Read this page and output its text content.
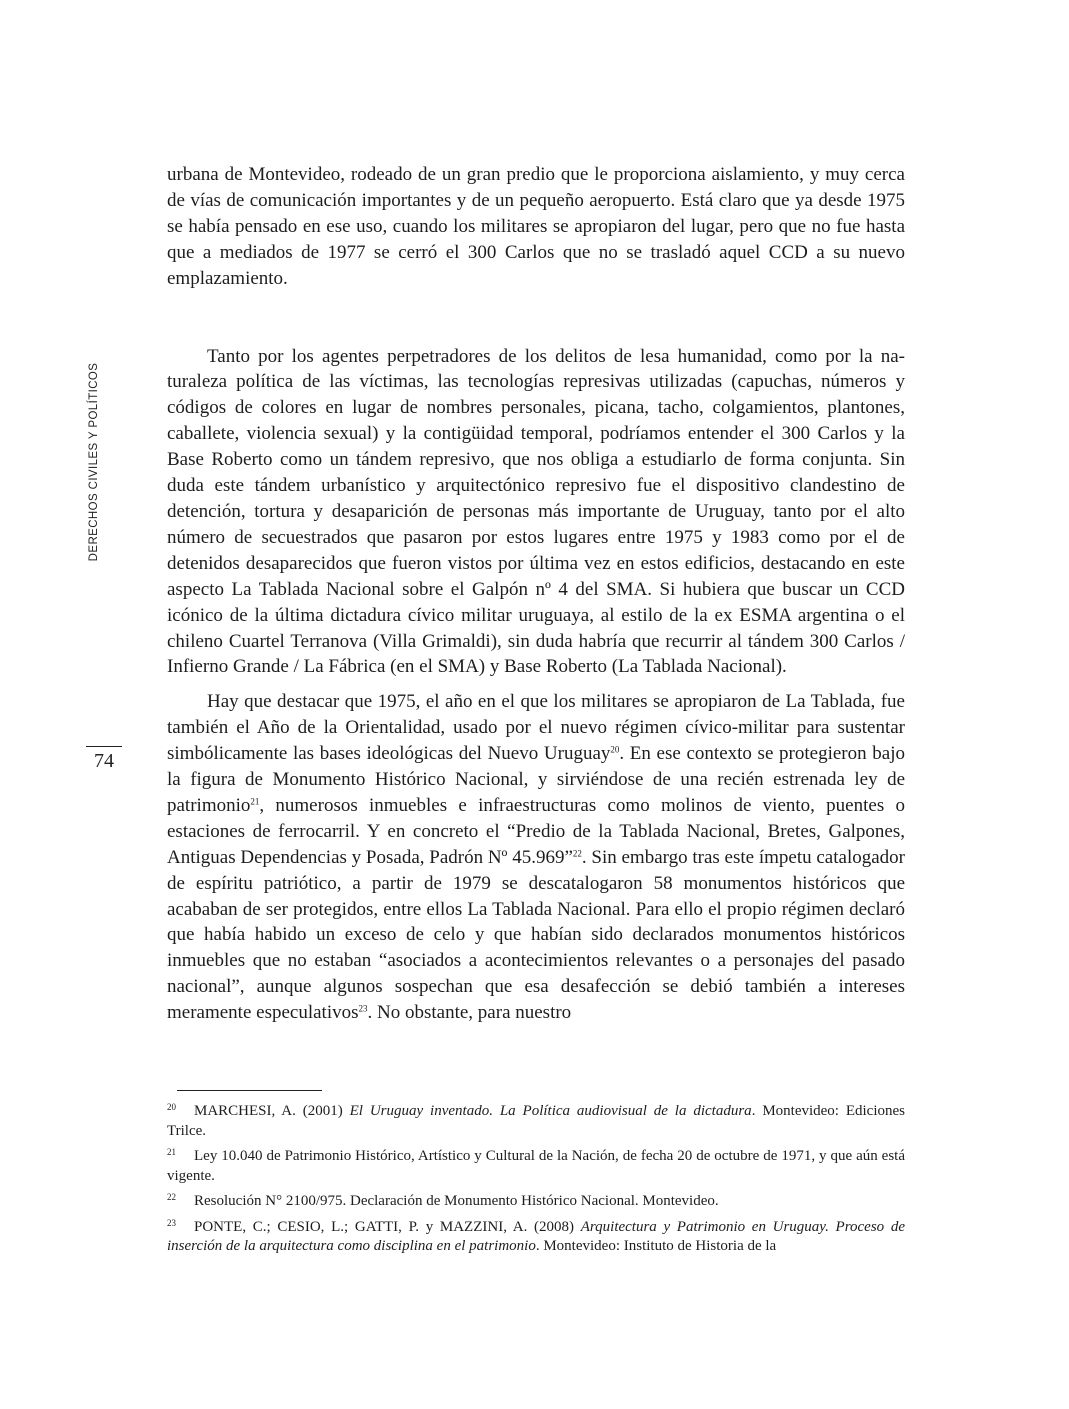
DERECHOS CIVILES Y POLÍTICOS
74

urbana de Montevideo, rodeado de un gran predio que le proporciona aislamiento, y muy cerca de vías de comunicación importantes y de un pequeño aeropuerto. Está claro que ya desde 1975 se había pensado en ese uso, cuando los militares se apropiaron del lugar, pero que no fue hasta que a mediados de 1977 se cerró el 300 Carlos que no se trasladó aquel CCD a su nuevo emplazamiento.

Tanto por los agentes perpetradores de los delitos de lesa humanidad, como por la naturaleza política de las víctimas, las tecnologías represivas utilizadas (capuchas, números y códigos de colores en lugar de nombres personales, picana, tacho, colgamientos, plantones, caballete, violencia sexual) y la contigüidad temporal, podríamos entender el 300 Carlos y la Base Roberto como un tándem represivo, que nos obliga a estudiarlo de forma conjunta. Sin duda este tándem urbanístico y arquitectónico represivo fue el dispositivo clandestino de detención, tortura y desaparición de personas más importante de Uruguay, tanto por el alto número de secuestrados que pasaron por estos lugares entre 1975 y 1983 como por el de detenidos desaparecidos que fueron vistos por última vez en estos edificios, destacando en este aspecto La Tablada Nacional sobre el Galpón nº 4 del SMA. Si hubiera que buscar un CCD icónico de la última dictadura cívico militar uruguaya, al estilo de la ex ESMA argentina o el chileno Cuartel Terranova (Villa Grimaldi), sin duda habría que recurrir al tándem 300 Carlos / Infierno Grande / La Fábrica (en el SMA) y Base Roberto (La Tablada Nacional).

Hay que destacar que 1975, el año en el que los militares se apropiaron de La Tablada, fue también el Año de la Orientalidad, usado por el nuevo régimen cívico-militar para sustentar simbólicamente las bases ideológicas del Nuevo Uruguay$^{20}$. En ese contexto se protegieron bajo la figura de Monumento Histórico Nacional, y sirviéndose de una recién estrenada ley de patrimonio$^{21}$, numerosos inmuebles e infraestructuras como molinos de viento, puentes o estaciones de ferrocarril. Y en concreto el “Predio de la Tablada Nacional, Bretes, Galpones, Antiguas Dependencias y Posada, Padrón Nº 45.969”$^{22}$. Sin embargo tras este ímpetu catalogador de espíritu patriótico, a partir de 1979 se descatalogaron 58 monumentos históricos que acababan de ser protegidos, entre ellos La Tablada Nacional. Para ello el propio régimen declaró que había habido un exceso de celo y que habían sido declarados monumentos históricos inmuebles que no estaban “asociados a acontecimientos relevantes o a personajes del pasado nacional”, aunque algunos sospechan que esa desafección se debió también a intereses meramente especulativos$^{23}$. No obstante, para nuestro

20 MARCHESI, A. (2001) El Uruguay inventado. La Política audiovisual de la dictadura. Montevideo: Ediciones Trilce.

21 Ley 10.040 de Patrimonio Histórico, Artístico y Cultural de la Nación, de fecha 20 de octubre de 1971, y que aún está vigente.

22 Resolución N° 2100/975. Declaración de Monumento Histórico Nacional. Montevideo.

23 PONTE, C.; CESIO, L.; GATTI, P. y MAZZINI, A. (2008) Arquitectura y Patrimonio en Uruguay. Proceso de inserción de la arquitectura como disciplina en el patrimonio. Montevideo: Instituto de Historia de la
